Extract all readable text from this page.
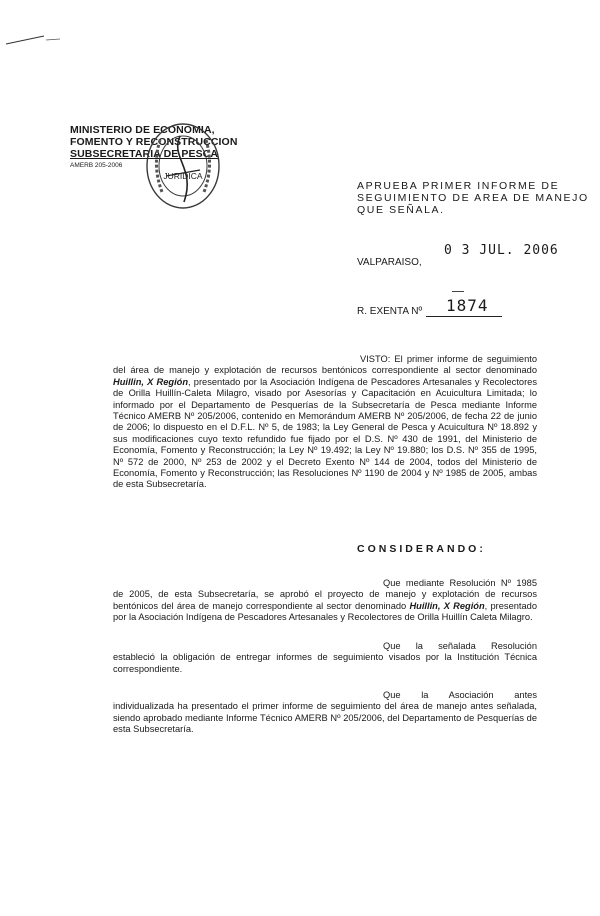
MINISTERIO DE ECONOMIA,
FOMENTO Y RECONSTRUCCION
SUBSECRETARIA DE PESCA
AMERB 205-2006
JURIDICA
APRUEBA PRIMER INFORME DE
SEGUIMIENTO DE AREA DE MANEJO
QUE SEÑALA.
VALPARAISO,
0 3 JUL. 2006
R. EXENTA Nº 1874
VISTO: El primer informe de seguimiento del área de manejo y explotación de recursos bentónicos correspondiente al sector denominado Huillin, X Región, presentado por la Asociación Indígena de Pescadores Artesanales y Recolectores de Orilla Huillín-Caleta Milagro, visado por Asesorías y Capacitación en Acuicultura Limitada; lo informado por el Departamento de Pesquerías de la Subsecretaría de Pesca mediante Informe Técnico AMERB Nº 205/2006, contenido en Memorándum AMERB Nº 205/2006, de fecha 22 de junio de 2006; lo dispuesto en el D.F.L. Nº 5, de 1983; la Ley General de Pesca y Acuicultura Nº 18.892 y sus modificaciones cuyo texto refundido fue fijado por el D.S. Nº 430 de 1991, del Ministerio de Economía, Fomento y Reconstrucción; la Ley Nº 19.492; la Ley Nº 19.880; los D.S. Nº 355 de 1995, Nº 572 de 2000, Nº 253 de 2002 y el Decreto Exento Nº 144 de 2004, todos del Ministerio de Economía, Fomento y Reconstrucción; las Resoluciones Nº 1190 de 2004 y Nº 1985 de 2005, ambas de esta Subsecretaría.
CONSIDERANDO:
Que mediante Resolución Nº 1985 de 2005, de esta Subsecretaría, se aprobó el proyecto de manejo y explotación de recursos bentónicos del área de manejo correspondiente al sector denominado Huillin, X Región, presentado por la Asociación Indígena de Pescadores Artesanales y Recolectores de Orilla Huillín Caleta Milagro.
Que la señalada Resolución estableció la obligación de entregar informes de seguimiento visados por la Institución Técnica correspondiente.
Que la Asociación antes individualizada ha presentado el primer informe de seguimiento del área de manejo antes señalada, siendo aprobado mediante Informe Técnico AMERB Nº 205/2006, del Departamento de Pesquerías de esta Subsecretaría.
